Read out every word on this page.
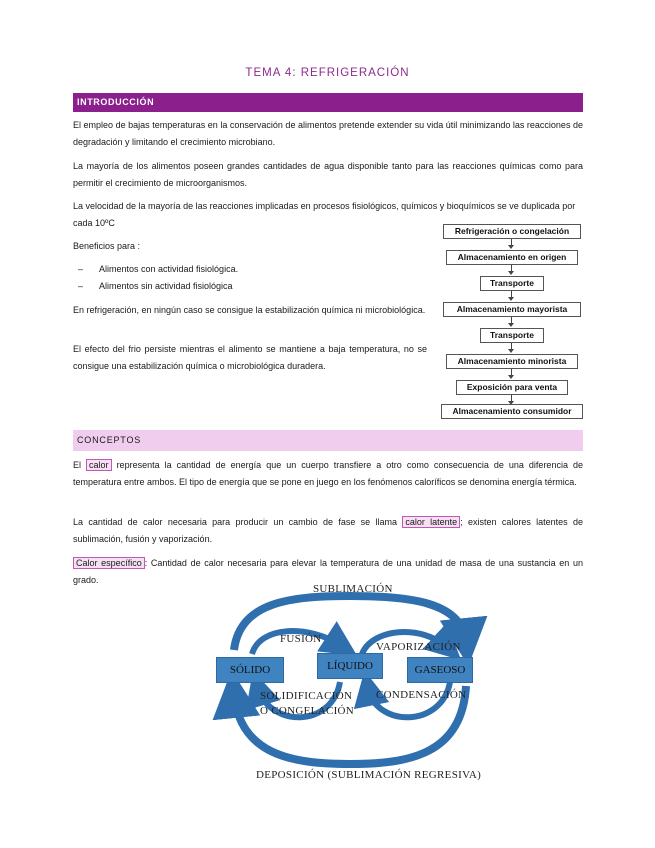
TEMA 4: REFRIGERACIÓN
INTRODUCCIÓN
El empleo de bajas temperaturas en la conservación de alimentos pretende extender su vida útil minimizando las reacciones de degradación y limitando el crecimiento microbiano.
La mayoría de los alimentos poseen grandes cantidades de agua disponible tanto para las reacciones químicas como para permitir el crecimiento de microorganismos.
La velocidad de la mayoría de las reacciones implicadas en procesos fisiológicos, químicos y bioquímicos se ve duplicada por
cada 10ºC
Beneficios para :
– Alimentos con actividad fisiológica.
– Alimentos sin actividad fisiológica
En refrigeración, en ningún caso se consigue la estabilización química ni microbiológica.
El efecto del frio persiste mientras el alimento se mantiene a baja temperatura, no se consigue una estabilización química o microbiológica duradera.
Refrigeración o congelación
Almacenamiento en origen
Transporte
Almacenamiento mayorista
Transporte
Almacenamiento minorista
Exposición para venta
Almacenamiento consumidor
CONCEPTOS
El calor representa la cantidad de energía que un cuerpo transfiere a otro como consecuencia de una diferencia de temperatura entre ambos. El tipo de energía que se pone en juego en los fenómenos caloríficos se denomina energía térmica.
La cantidad de calor necesaria para producir un cambio de fase se llama calor latente ; existen calores latentes de sublimación, fusión y vaporización.
Calor específico : Cantidad de calor necesaria para elevar la temperatura de una unidad de masa de una sustancia en un grado.
SUBLIMACIÓN
FUSIÓN
VAPORIZACIÓN
SÓLIDO	LÍQUIDO	GASEOSO
SOLIDIFICACIÓN
O CONGELACIÓN
CONDENSACIÓN
DEPOSICIÓN (SUBLIMACIÓN REGRESIVA)
